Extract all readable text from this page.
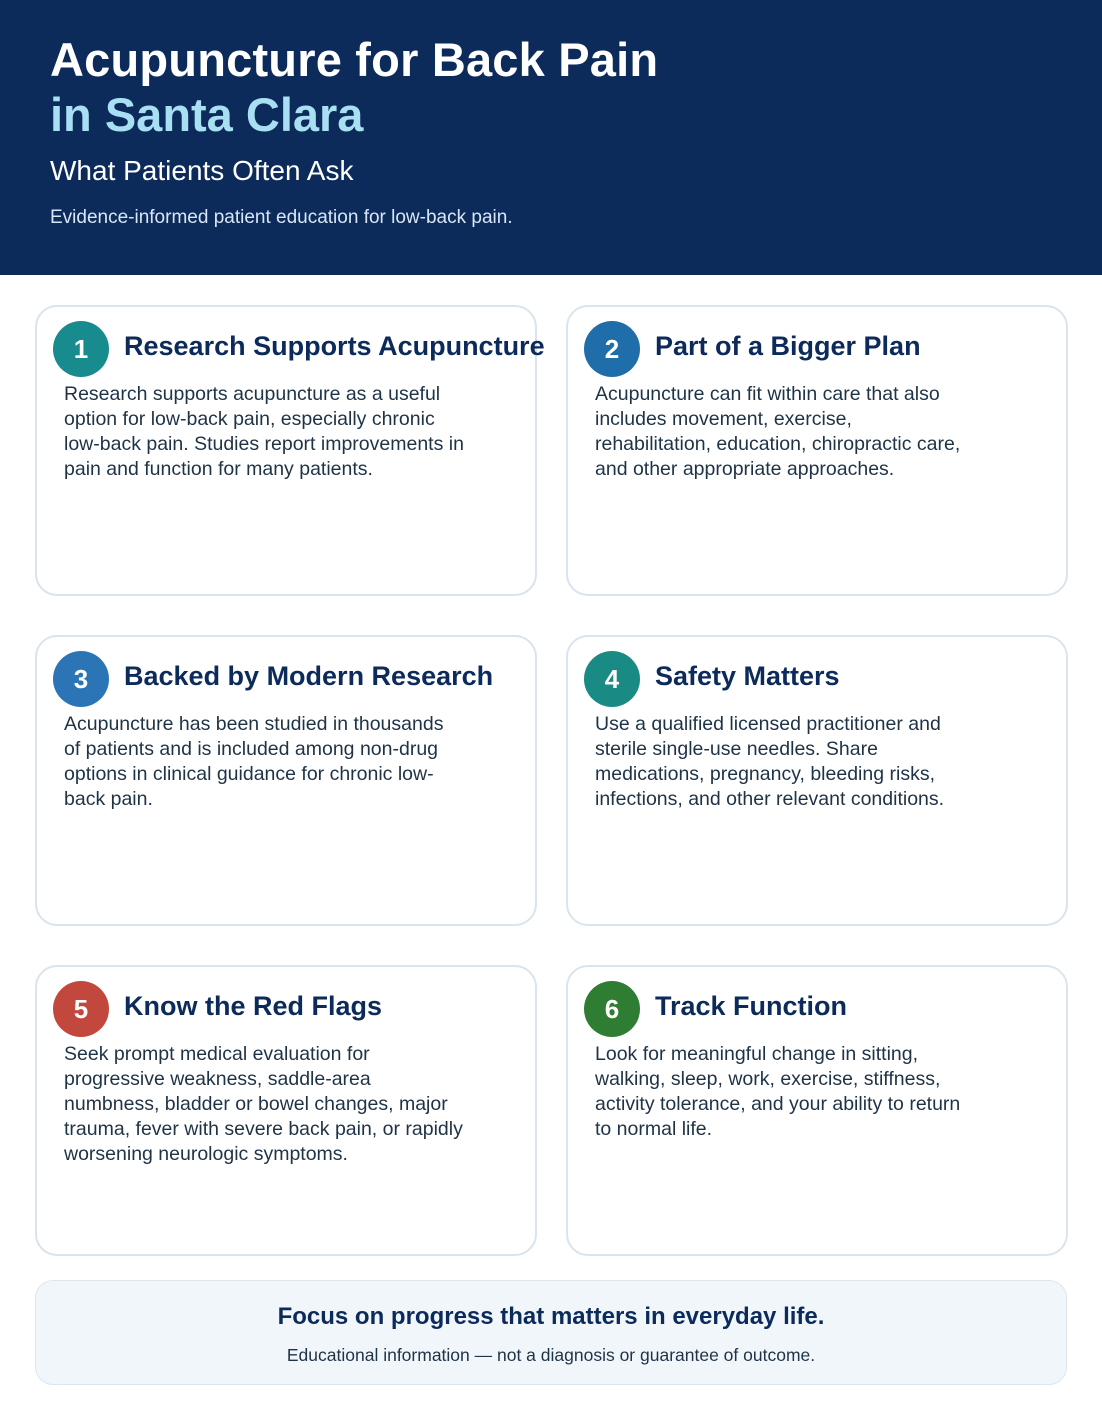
Acupuncture for Back Pain
in Santa Clara
What Patients Often Ask
Evidence-informed patient education for low-back pain.
1	Research Supports Acupuncture
Research supports acupuncture as a useful option for low-back pain, especially chronic low-back pain. Studies report improvements in pain and function for many patients.
2	Part of a Bigger Plan
Acupuncture can fit within care that also includes movement, exercise, rehabilitation, education, chiropractic care, and other appropriate approaches.
3	Backed by Modern Research
Acupuncture has been studied in thousands of patients and is included among non-drug options in clinical guidance for chronic low-back pain.
4	Safety Matters
Use a qualified licensed practitioner and sterile single-use needles. Share medications, pregnancy, bleeding risks, infections, and other relevant conditions.
5	Know the Red Flags
Seek prompt medical evaluation for progressive weakness, saddle-area numbness, bladder or bowel changes, major trauma, fever with severe back pain, or rapidly worsening neurologic symptoms.
6	Track Function
Look for meaningful change in sitting, walking, sleep, work, exercise, stiffness, activity tolerance, and your ability to return to normal life.
Focus on progress that matters in everyday life.
Educational information — not a diagnosis or guarantee of outcome.
